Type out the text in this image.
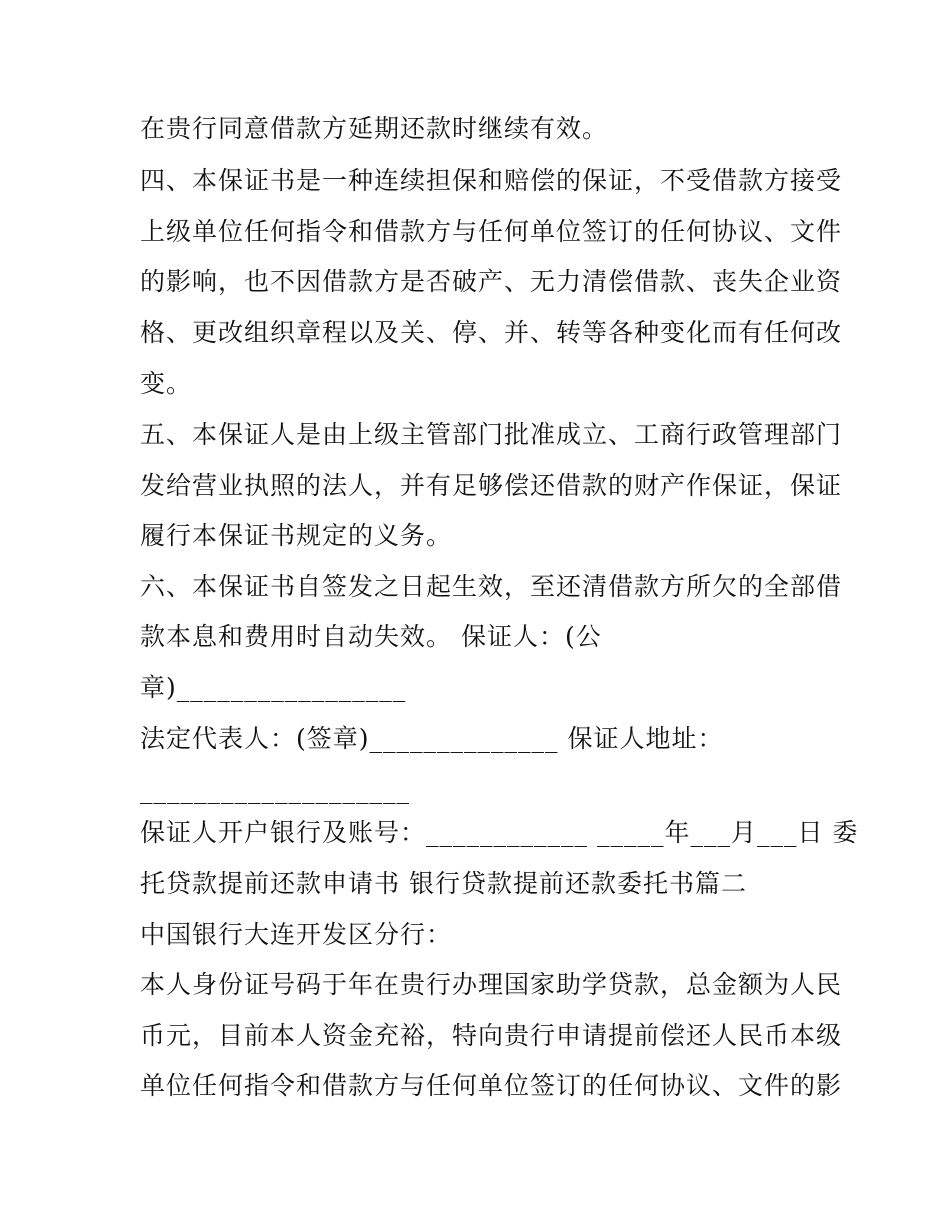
在贵行同意借款方延期还款时继续有效。
四、本保证书是一种连续担保和赔偿的保证，不受借款方接受
上级单位任何指令和借款方与任何单位签订的任何协议、文件
的影响，也不因借款方是否破产、无力清偿借款、丧失企业资
格、更改组织章程以及关、停、并、转等各种变化而有任何改
变。
五、本保证人是由上级主管部门批准成立、工商行政管理部门
发给营业执照的法人，并有足够偿还借款的财产作保证，保证
履行本保证书规定的义务。
六、本保证书自签发之日起生效，至还清借款方所欠的全部借
款本息和费用时自动失效。 保证人：(公
章)_________________
法定代表人：(签章)______________ 保证人地址：
____________________
保证人开户银行及账号：____________ _____年___月___日 委
托贷款提前还款申请书 银行贷款提前还款委托书篇二
中国银行大连开发区分行：
本人身份证号码于年在贵行办理国家助学贷款，总金额为人民
币元，目前本人资金充裕，特向贵行申请提前偿还人民币本级
单位任何指令和借款方与任何单位签订的任何协议、文件的影
